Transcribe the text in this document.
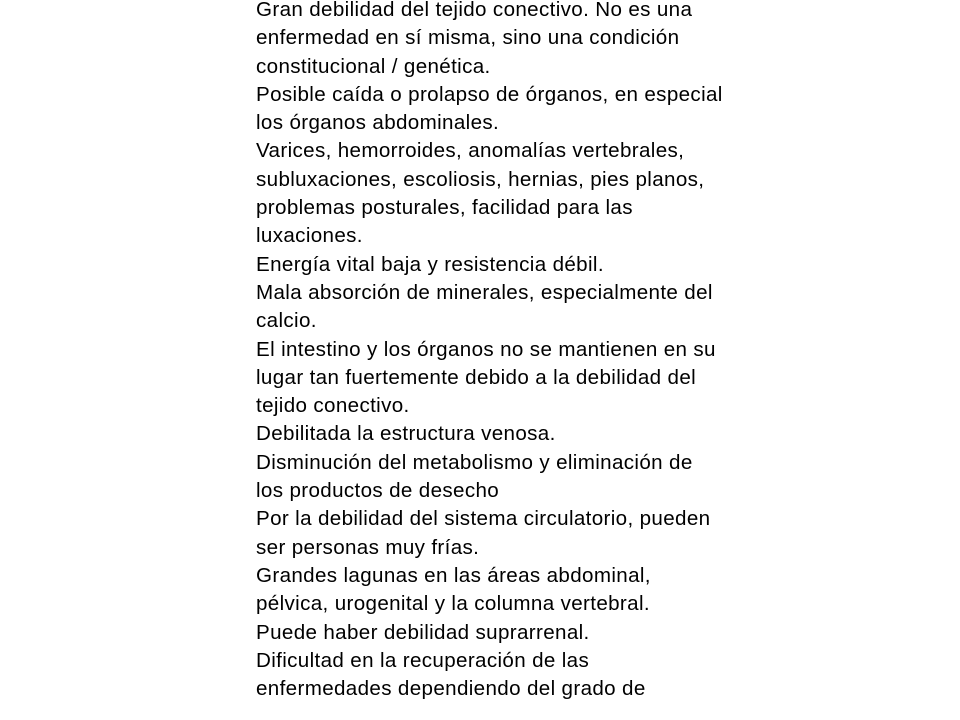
Gran debilidad del tejido conectivo. No es una enfermedad en sí misma, sino una condición constitucional / genética.
Posible caída o prolapso de órganos, en especial los órganos abdominales.
Varices, hemorroides, anomalías vertebrales, subluxaciones, escoliosis, hernias, pies planos, problemas posturales, facilidad para las luxaciones.
Energía vital baja y resistencia débil.
Mala absorción de minerales, especialmente del calcio.
El intestino y los órganos no se mantienen en su lugar tan fuertemente debido a la debilidad del tejido conectivo.
Debilitada la estructura venosa.
Disminución del metabolismo y eliminación de los productos de desecho
Por la debilidad del sistema circulatorio, pueden ser personas muy frías.
Grandes lagunas en las áreas abdominal, pélvica, urogenital y la columna vertebral.
Puede haber debilidad suprarrenal.
Dificultad en la recuperación de las enfermedades dependiendo del grado de
